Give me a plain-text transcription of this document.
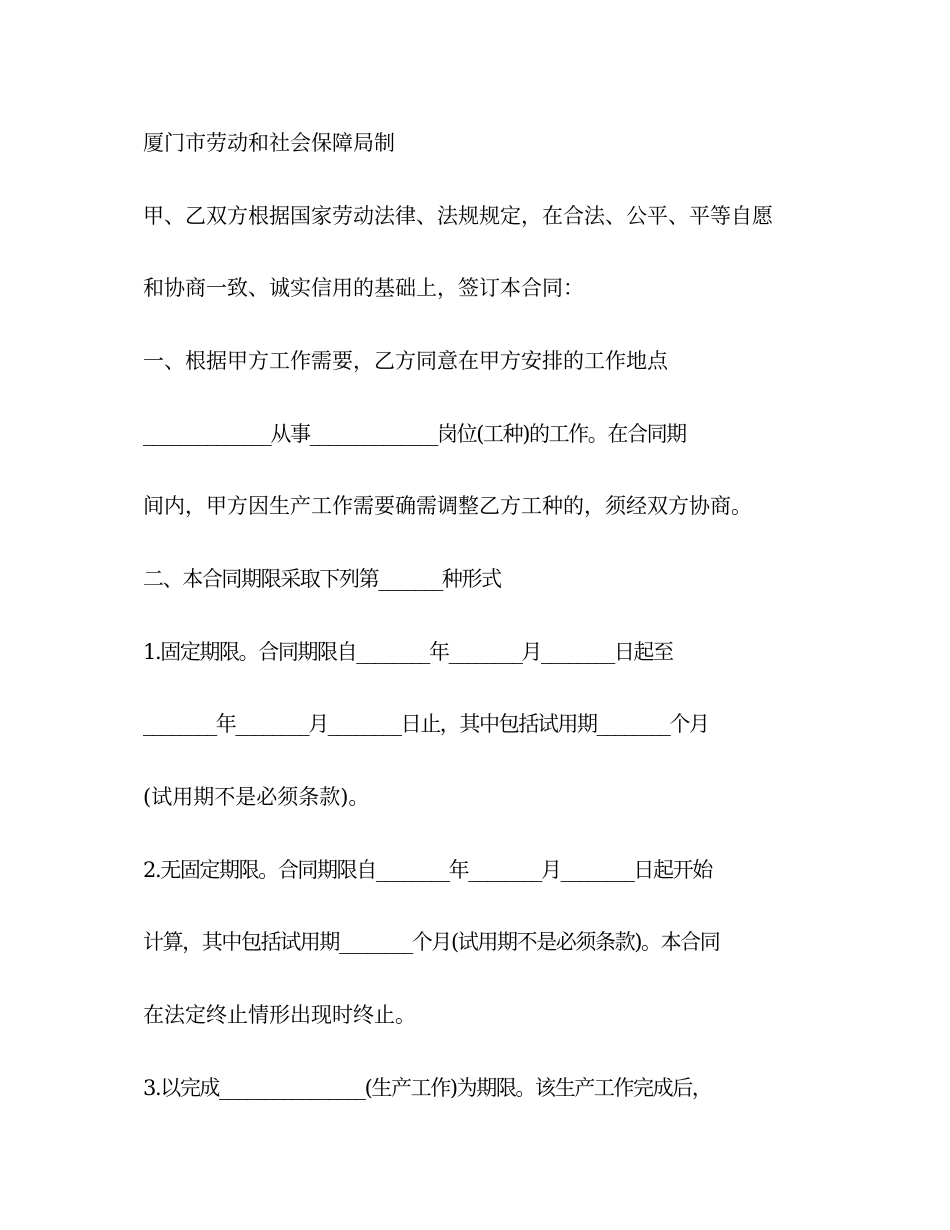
厦门市劳动和社会保障局制

甲、乙双方根据国家劳动法律、法规规定，在合法、公平、平等自愿

和协商一致、诚实信用的基础上，签订本合同：

一、根据甲方工作需要，乙方同意在甲方安排的工作地点

______________从事______________岗位(工种)的工作。在合同期

间内，甲方因生产工作需要确需调整乙方工种的，须经双方协商。

二、本合同期限采取下列第_______种形式

1.固定期限。合同期限自________年________月________日起至

________年________月________日止，其中包括试用期________个月

(试用期不是必须条款)。

2.无固定期限。合同期限自________年________月________日起开始

计算，其中包括试用期________个月(试用期不是必须条款)。本合同

在法定终止情形出现时终止。

3.以完成________________(生产工作)为期限。该生产工作完成后，
